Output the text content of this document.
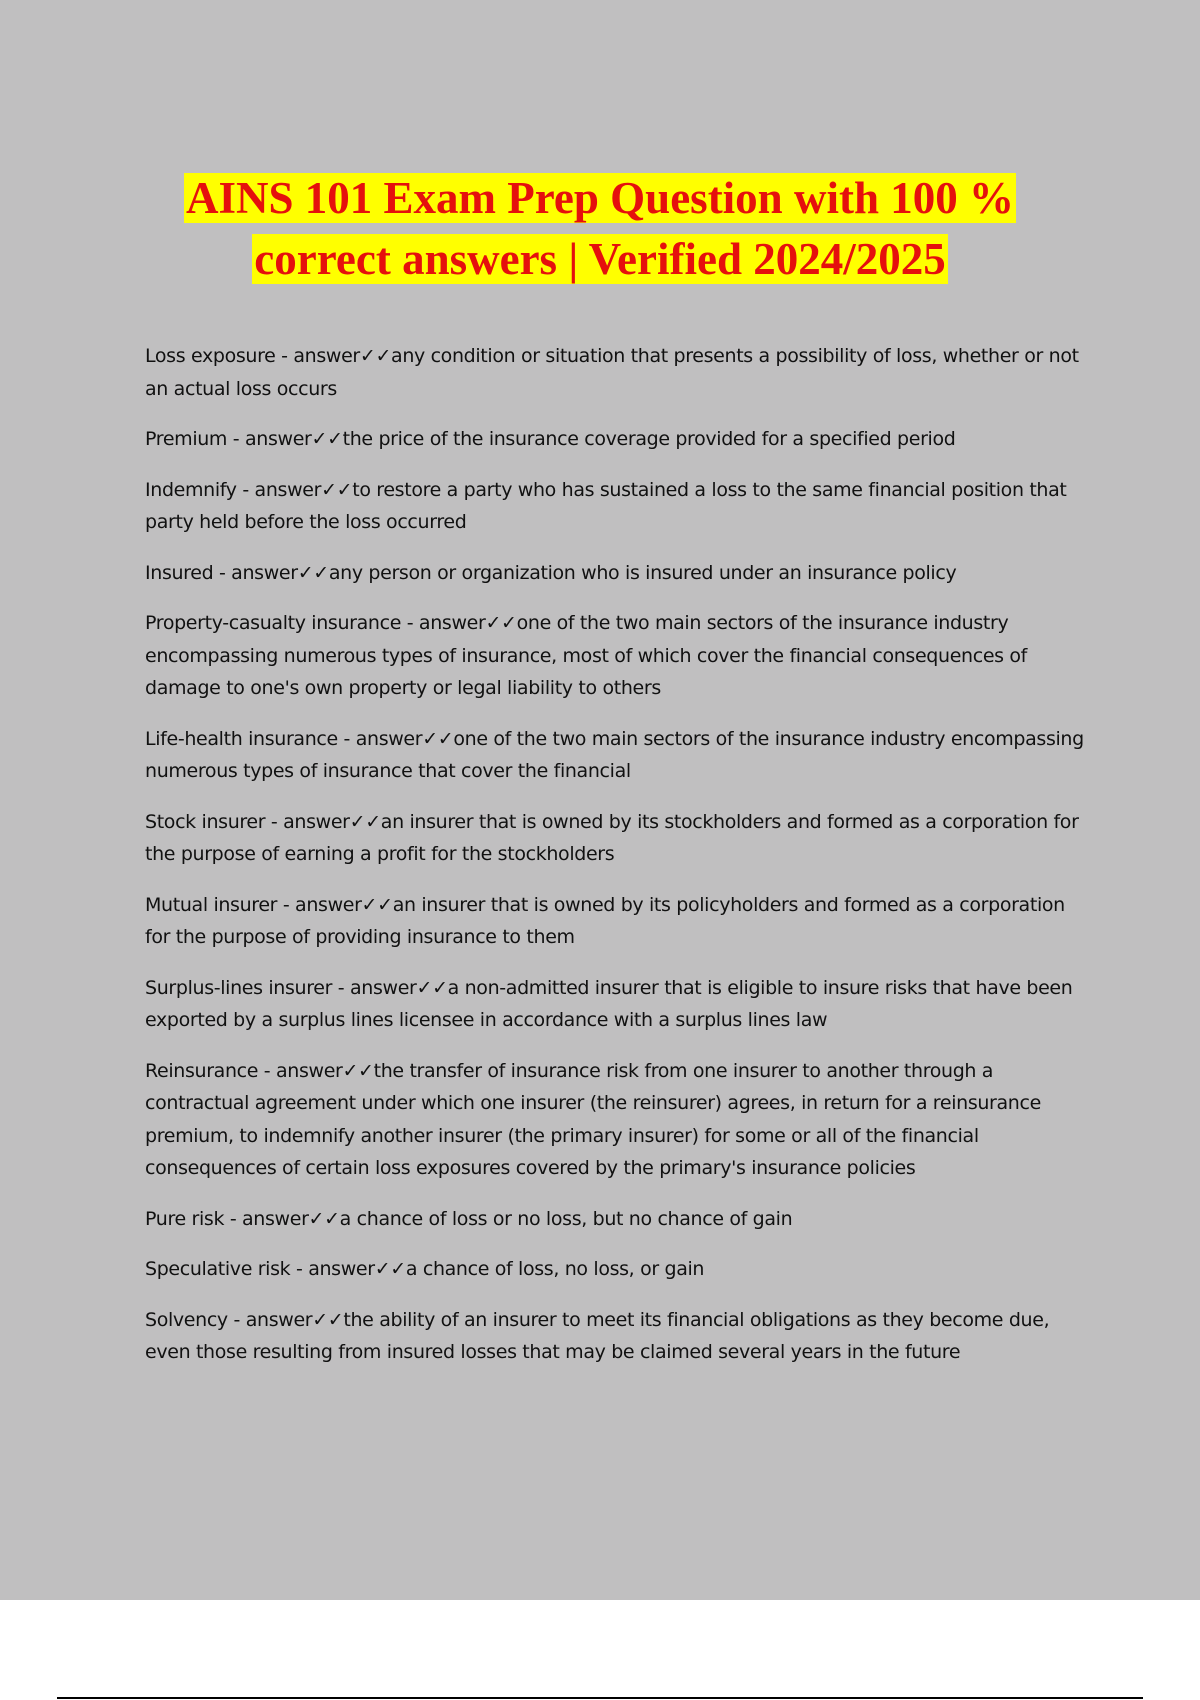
AINS 101 Exam Prep Question with 100 %
correct answers | Verified 2024/2025

Loss exposure - answer✓✓any condition or situation that presents a possibility of loss, whether or not an actual loss occurs

Premium - answer✓✓the price of the insurance coverage provided for a specified period

Indemnify - answer✓✓to restore a party who has sustained a loss to the same financial position that party held before the loss occurred

Insured - answer✓✓any person or organization who is insured under an insurance policy

Property-casualty insurance - answer✓✓one of the two main sectors of the insurance industry encompassing numerous types of insurance, most of which cover the financial consequences of damage to one's own property or legal liability to others

Life-health insurance - answer✓✓one of the two main sectors of the insurance industry encompassing numerous types of insurance that cover the financial

Stock insurer - answer✓✓an insurer that is owned by its stockholders and formed as a corporation for the purpose of earning a profit for the stockholders

Mutual insurer - answer✓✓an insurer that is owned by its policyholders and formed as a corporation for the purpose of providing insurance to them

Surplus-lines insurer - answer✓✓a non-admitted insurer that is eligible to insure risks that have been exported by a surplus lines licensee in accordance with a surplus lines law

Reinsurance - answer✓✓the transfer of insurance risk from one insurer to another through a contractual agreement under which one insurer (the reinsurer) agrees, in return for a reinsurance premium, to indemnify another insurer (the primary insurer) for some or all of the financial consequences of certain loss exposures covered by the primary's insurance policies

Pure risk - answer✓✓a chance of loss or no loss, but no chance of gain

Speculative risk - answer✓✓a chance of loss, no loss, or gain

Solvency - answer✓✓the ability of an insurer to meet its financial obligations as they become due, even those resulting from insured losses that may be claimed several years in the future
